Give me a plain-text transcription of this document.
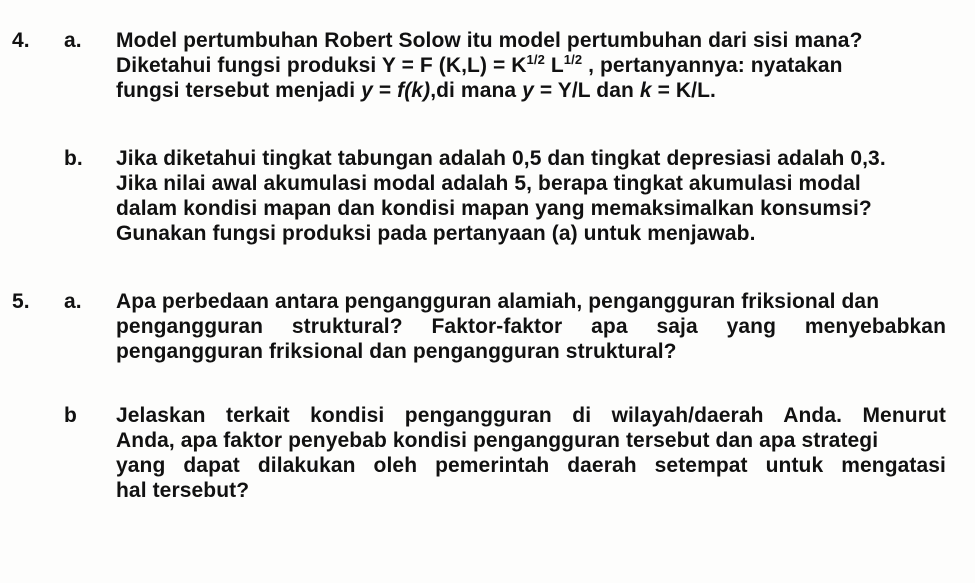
4. a. Model pertumbuhan Robert Solow itu model pertumbuhan dari sisi mana?
Diketahui fungsi produksi Y = F $(K,L) = K^{1/2}$ $L^{1/2}$ , pertanyannya: nyatakan
fungsi tersebut menjadi y = f(k),di mana y = Y/L dan k = K/L.
b. Jika diketahui tingkat tabungan adalah 0,5 dan tingkat depresiasi adalah 0,3.
Jika nilai awal akumulasi modal adalah 5, berapa tingkat akumulasi modal
dalam kondisi mapan dan kondisi mapan yang memaksimalkan konsumsi?
Gunakan fungsi produksi pada pertanyaan (a) untuk menjawab.
5. a. Apa perbedaan antara pengangguran alamiah, pengangguran friksional dan
pengangguran struktural? Faktor-faktor apa saja yang menyebabkan
pengangguran friksional dan pengangguran struktural?
b Jelaskan terkait kondisi pengangguran di wilayah/daerah Anda. Menurut
Anda, apa faktor penyebab kondisi pengangguran tersebut dan apa strategi
yang dapat dilakukan oleh pemerintah daerah setempat untuk mengatasi
hal tersebut?
